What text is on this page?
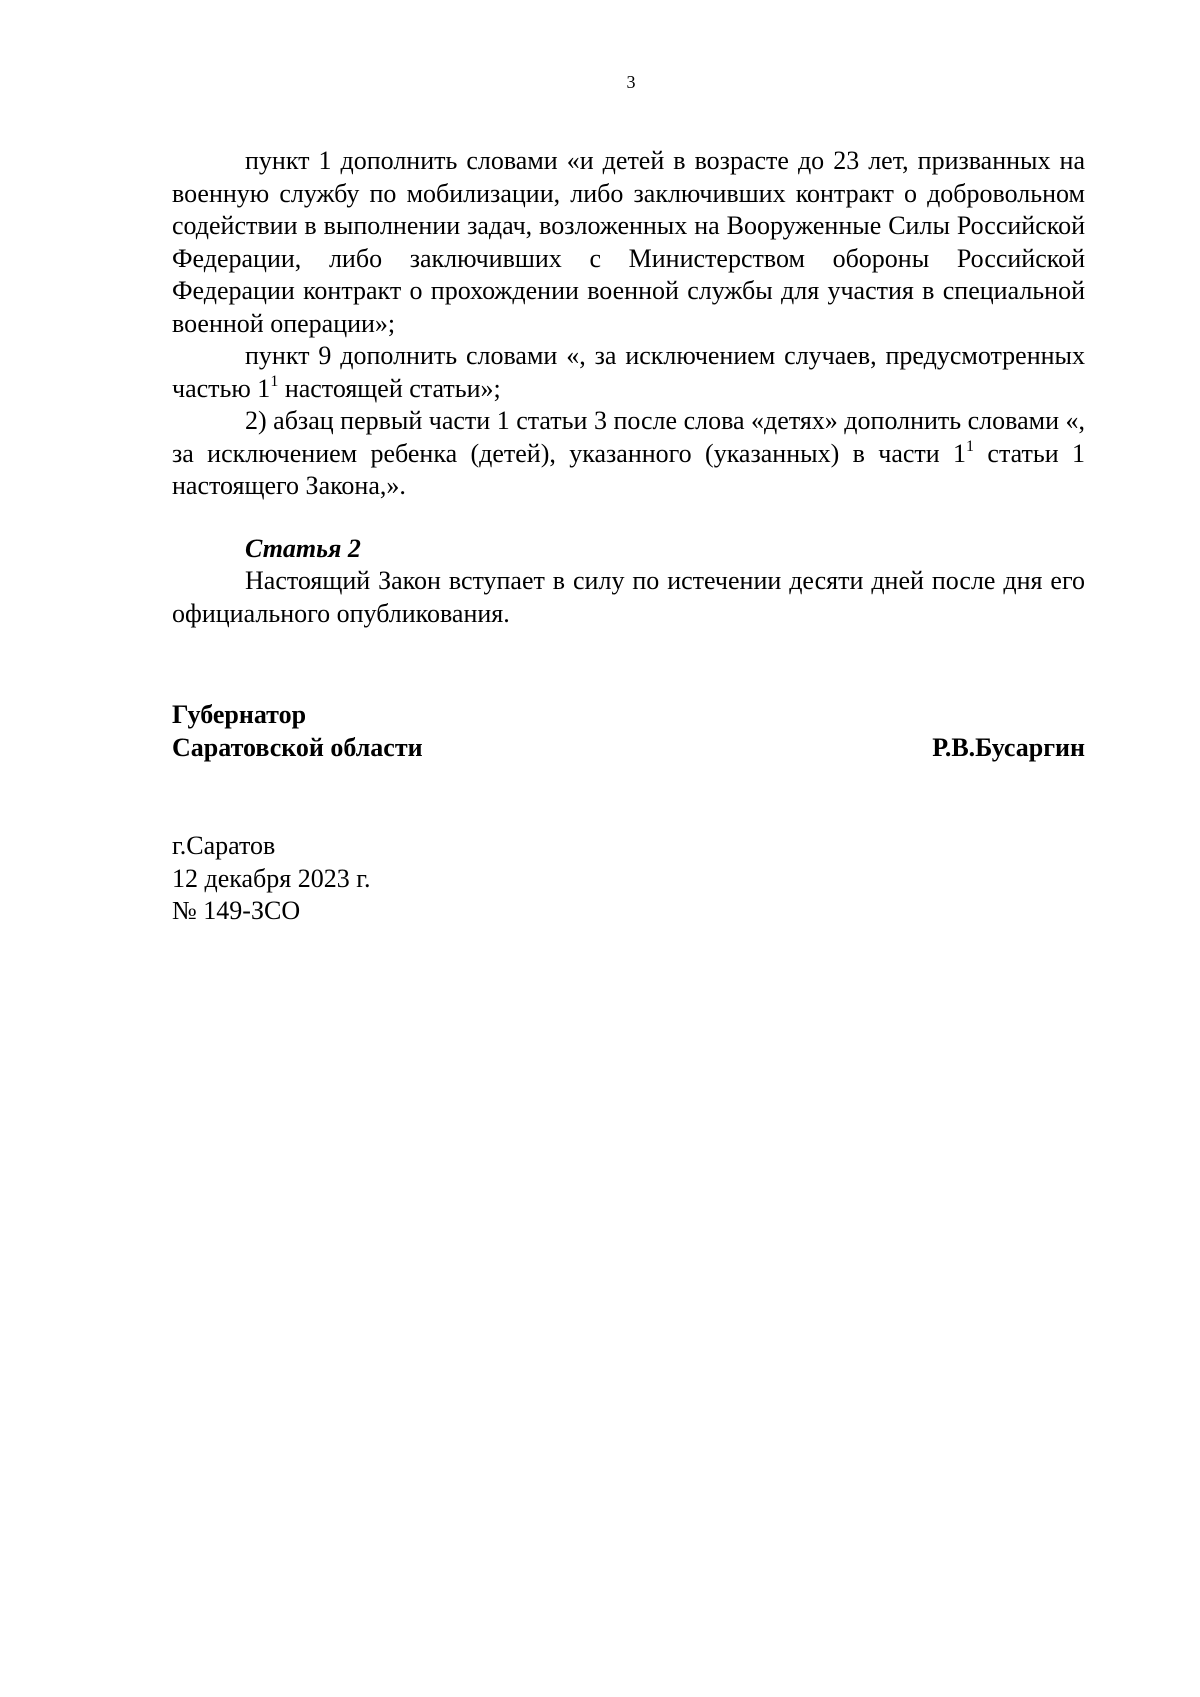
3

пункт 1 дополнить словами «и детей в возрасте до 23 лет, призванных на военную службу по мобилизации, либо заключивших контракт о добровольном содействии в выполнении задач, возложенных на Вооруженные Силы Российской Федерации, либо заключивших с Министерством обороны Российской Федерации контракт о прохождении военной службы для участия в специальной военной операции»;

пункт 9 дополнить словами «, за исключением случаев, предусмотренных частью $1^1$ настоящей статьи»;

2) абзац первый части 1 статьи 3 после слова «детях» дополнить словами «, за исключением ребенка (детей), указанного (указанных) в части $1^1$ статьи 1 настоящего Закона,».

Статья 2

Настоящий Закон вступает в силу по истечении десяти дней после дня его официального опубликования.

Губернатор
Саратовской области	Р.В.Бусаргин
г.Саратов
12 декабря 2023 г.
№ 149-ЗСО
